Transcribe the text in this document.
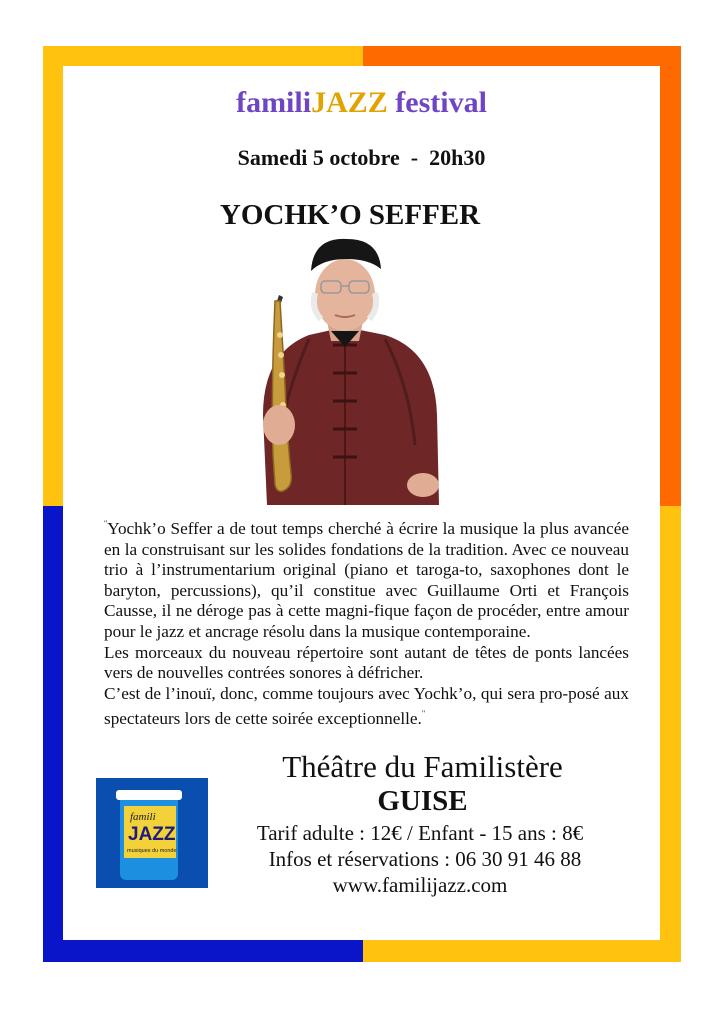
familiJAZZ festival
Samedi 5 octobre  -  20h30
YOCHK’O SEFFER

"Yochk’o Seffer a de tout temps cherché à écrire la musique la plus avancée en la construisant sur les solides fondations de la tradition. Avec ce nouveau trio à l’instrumentarium original (piano et taroga-to, saxophones dont le baryton, percussions), qu’il constitue avec Guillaume Orti et François Causse, il ne déroge pas à cette magni-fique façon de procéder, entre amour pour le jazz et ancrage résolu dans la musique contemporaine.

Les morceaux du nouveau répertoire sont autant de têtes de ponts lancées vers de nouvelles contrées sonores à défricher.

C’est de l’inouï, donc, comme toujours avec Yochk’o, qui sera pro-posé aux spectateurs lors de cette soirée exceptionnelle."

famili
JAZZ
musiques du monde
Théâtre du Familistère
GUISE
Tarif adulte : 12€ / Enfant - 15 ans : 8€
Infos et réservations : 06 30 91 46 88
www.familijazz.com
